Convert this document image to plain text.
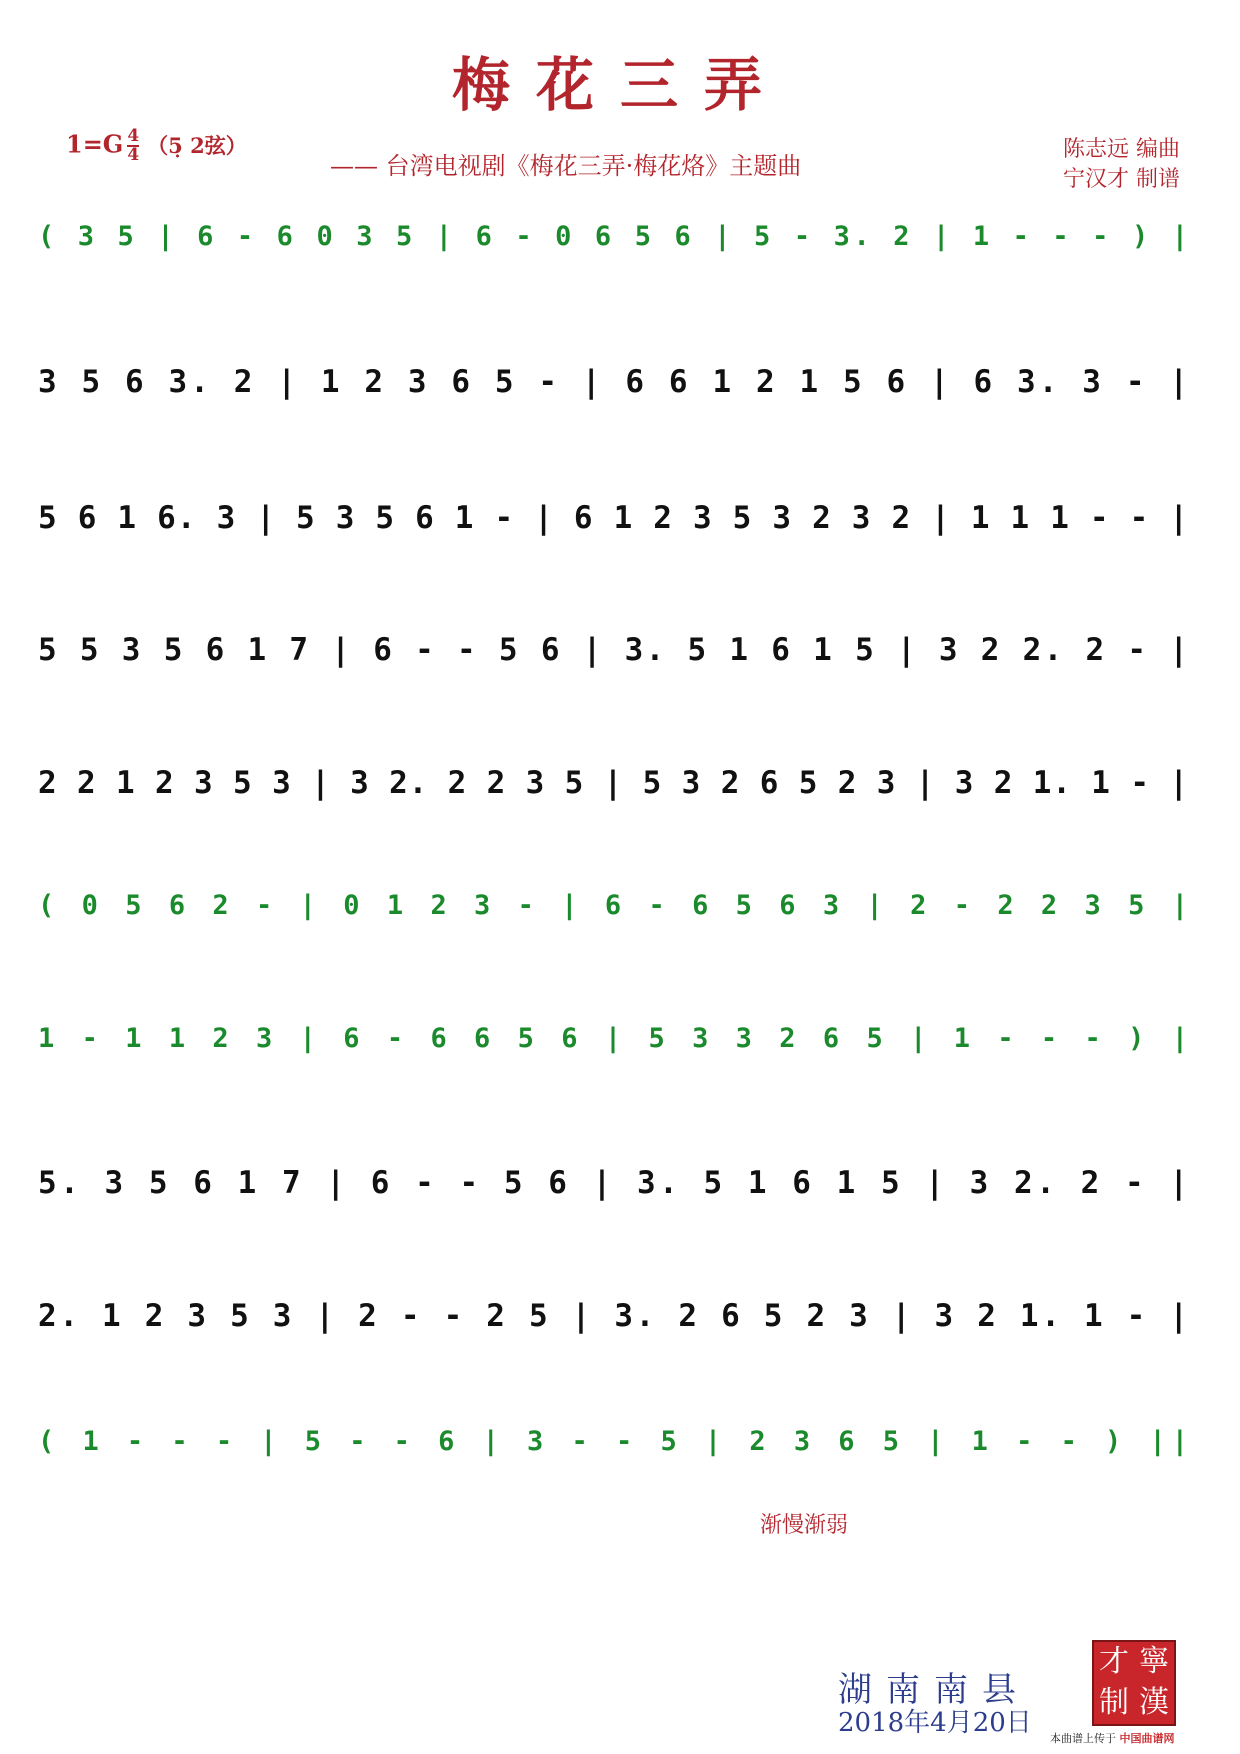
梅花三弄
$1=G \frac{4}{4}$ （5̣ 2弦）
—— 台湾电视剧《梅花三弄·梅花烙》主题曲
陈志远 编曲
宁汉才 制谱
( 3 5 | 6 - 6 0 3 5 | 6 - 0 6 5 6 | 5 - 3. 2 | 1 - - - ) |
3 5 6 3. 2 | 1 2 3 6 5 - | 6 6 1 2 1 5 6 | 6 3. 3 - |
5 6 1 6. 3 | 5 3 5 6 1 - | 6 1 2 3 5 3 2 3 2 | 1 1 1 - - |
5 5 3 5 6 1 7 | 6 - - 5 6 | 3. 5 1 6 1 5 | 3 2 2. 2 - |
2 2 1 2 3 5 3 | 3 2. 2 2 3 5 | 5 3 2 6 5 2 3 | 3 2 1. 1 - |
( 0 5 6 2 - | 0 1 2 3 - | 6 - 6 5 6 3 | 2 - 2 2 3 5 |
1 - 1 1 2 3 | 6 - 6 6 5 6 | 5 3 3 2 6 5 | 1 - - - ) |
5. 3 5 6 1 7 | 6 - - 5 6 | 3. 5 1 6 1 5 | 3 2. 2 - |
2. 1 2 3 5 3 | 2 - - 2 5 | 3. 2 6 5 2 3 | 3 2 1. 1 - |
( 1 - - - | 5 - - 6 | 3 - - 5 | 2 3 6 5 | 1 - - ) ||
渐慢渐弱
湖南南县
2018年4月20日
才 寧
制 漢
本曲谱上传于 中国曲谱网
